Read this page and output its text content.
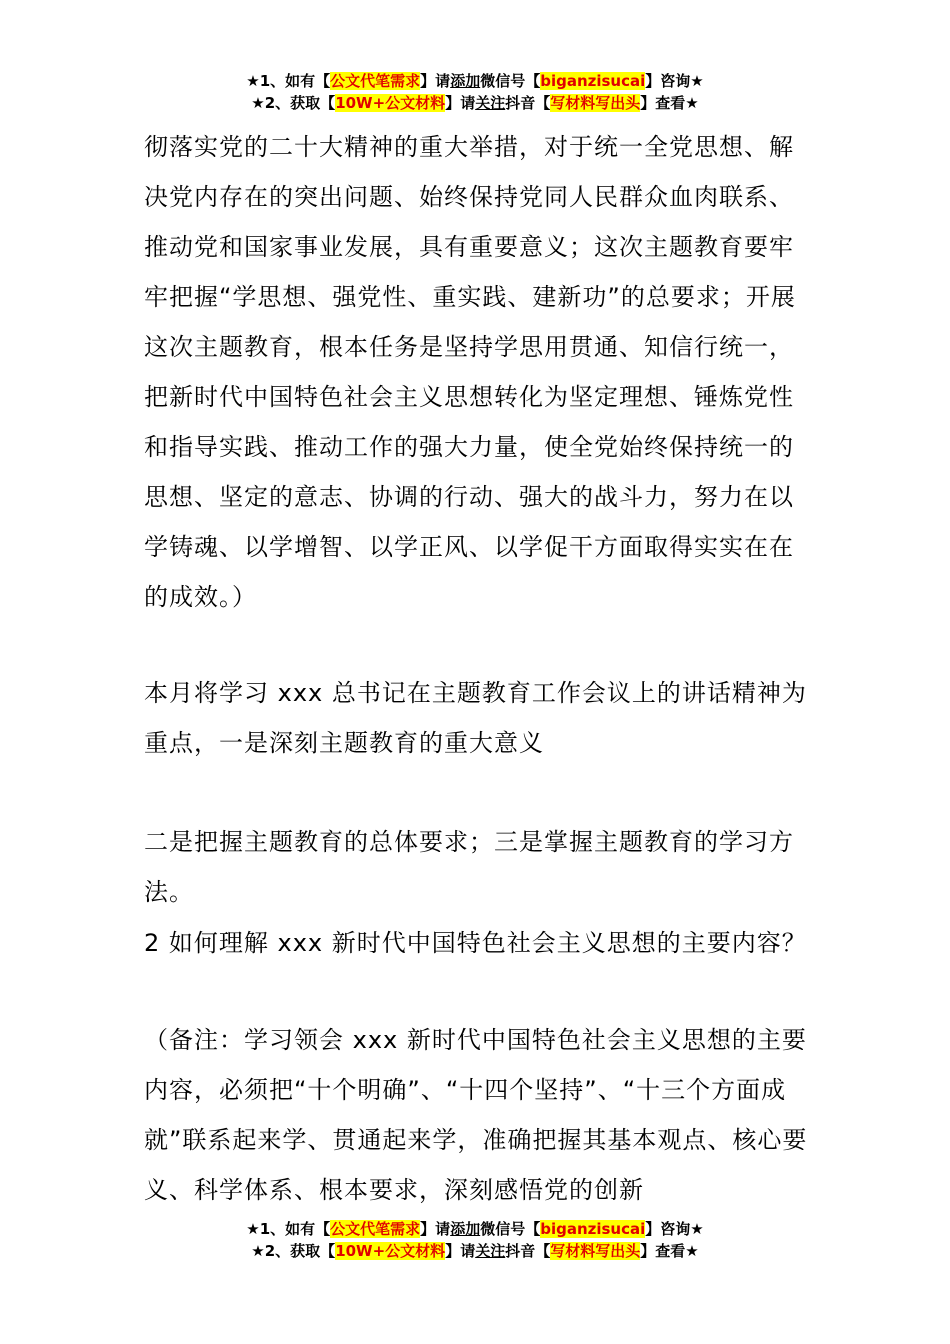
★1、如有【公文代笔需求】请添加微信号【biganzisucai】咨询★
★2、获取【10W+公文材料】请关注抖音【写材料写出头】查看★

彻落实党的二十大精神的重大举措，对于统一全党思想、解决党内存在的突出问题、始终保持党同人民群众血肉联系、推动党和国家事业发展，具有重要意义；这次主题教育要牢牢把握“学思想、强党性、重实践、建新功”的总要求；开展这次主题教育，根本任务是坚持学思用贯通、知信行统一，把新时代中国特色社会主义思想转化为坚定理想、锤炼党性和指导实践、推动工作的强大力量，使全党始终保持统一的思想、坚定的意志、协调的行动、强大的战斗力，努力在以学铸魂、以学增智、以学正风、以学促干方面取得实实在在的成效。）

本月将学习 xxx 总书记在主题教育工作会议上的讲话精神为重点，一是深刻主题教育的重大意义

二是把握主题教育的总体要求；三是掌握主题教育的学习方法。

2 如何理解 xxx 新时代中国特色社会主义思想的主要内容？

（备注：学习领会 xxx 新时代中国特色社会主义思想的主要内容，必须把“十个明确”、“十四个坚持”、“十三个方面成就”联系起来学、贯通起来学，准确把握其基本观点、核心要义、科学体系、根本要求，深刻感悟党的创新

★1、如有【公文代笔需求】请添加微信号【biganzisucai】咨询★
★2、获取【10W+公文材料】请关注抖音【写材料写出头】查看★
